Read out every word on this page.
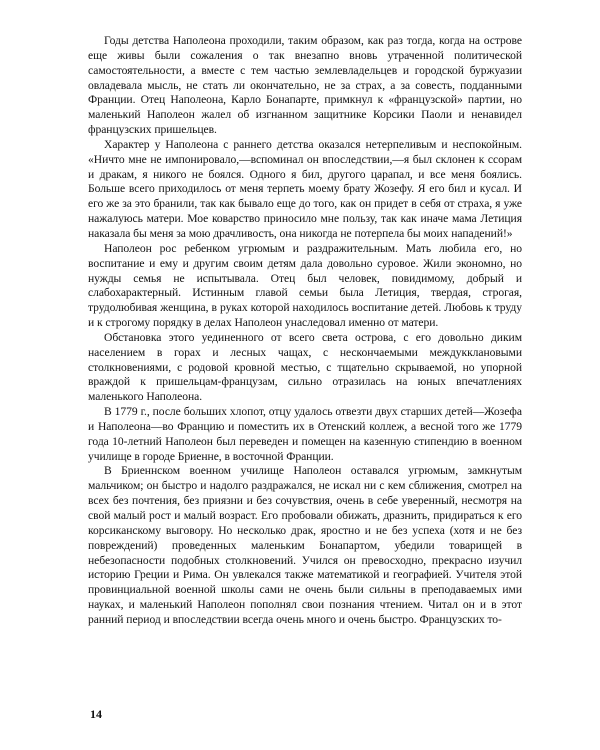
Годы детства Наполеона проходили, таким образом, как раз тогда, когда на острове еще живы были сожаления о так внезапно вновь утраченной политической самостоятельности, а вместе с тем частью землевладельцев и городской буржуазии овладевала мысль, не стать ли окончательно, не за страх, а за совесть, подданными Франции. Отец Наполеона, Карло Бонапарте, примкнул к «французской» партии, но маленький Наполеон жалел об изгнанном защитнике Корсики Паоли и ненавидел французских пришельцев.

Характер у Наполеона с раннего детства оказался нетерпеливым и неспокойным. «Ничто мне не импонировало,—вспоминал он впоследствии,—я был склонен к ссорам и дракам, я никого не боялся. Одного я бил, другого царапал, и все меня боялись. Больше всего приходилось от меня терпеть моему брату Жозефу. Я его бил и кусал. И его же за это бранили, так как бывало еще до того, как он придет в себя от страха, я уже нажалуюсь матери. Мое коварство приносило мне пользу, так как иначе мама Летиция наказала бы меня за мою драчливость, она никогда не потерпела бы моих нападений!»

Наполеон рос ребенком угрюмым и раздражительным. Мать любила его, но воспитание и ему и другим своим детям дала довольно суровое. Жили экономно, но нужды семья не испытывала. Отец был человек, повидимому, добрый и слабохарактерный. Истинным главой семьи была Летиция, твердая, строгая, трудолюбивая женщина, в руках которой находилось воспитание детей. Любовь к труду и к строгому порядку в делах Наполеон унаследовал именно от матери.

Обстановка этого уединенного от всего света острова, с его довольно диким населением в горах и лесных чащах, с нескончаемыми междукклановыми столкновениями, с родовой кровной местью, с тщательно скрываемой, но упорной враждой к пришельцам-французам, сильно отразилась на юных впечатлениях маленького Наполеона.

В 1779 г., после больших хлопот, отцу удалось отвезти двух старших детей—Жозефа и Наполеона—во Францию и поместить их в Отенский коллеж, а весной того же 1779 года 10-летний Наполеон был переведен и помещен на казенную стипендию в военном училище в городе Бриенне, в восточной Франции.

В Бриеннском военном училище Наполеон оставался угрюмым, замкнутым мальчиком; он быстро и надолго раздражался, не искал ни с кем сближения, смотрел на всех без почтения, без приязни и без сочувствия, очень в себе уверенный, несмотря на свой малый рост и малый возраст. Его пробовали обижать, дразнить, придираться к его корсиканскому выговору. Но несколько драк, яростно и не без успеха (хотя и не без повреждений) проведенных маленьким Бонапартом, убедили товарищей в небезопасности подобных столкновений. Учился он превосходно, прекрасно изучил историю Греции и Рима. Он увлекался также математикой и географией. Учителя этой провинциальной военной школы сами не очень были сильны в преподаваемых ими науках, и маленький Наполеон пополнял свои познания чтением. Читал он и в этот ранний период и впоследствии всегда очень много и очень быстро. Французских то-

14
